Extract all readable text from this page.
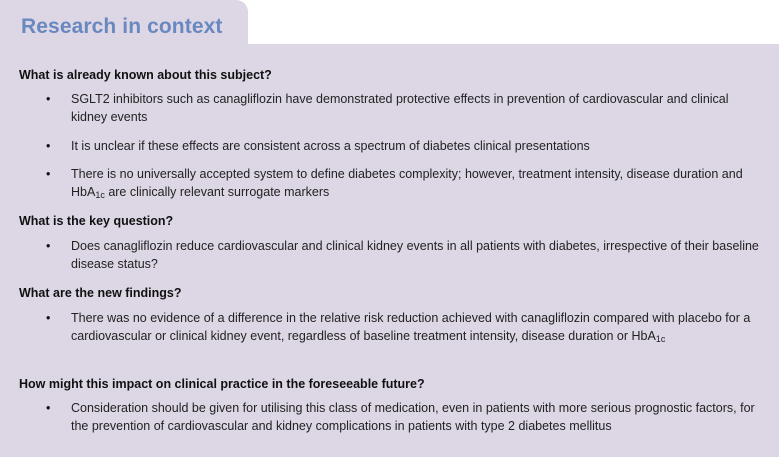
Research in context
What is already known about this subject?
• SGLT2 inhibitors such as canagliflozin have demonstrated protective effects in prevention of cardiovascular and clinical kidney events
• It is unclear if these effects are consistent across a spectrum of diabetes clinical presentations
• There is no universally accepted system to define diabetes complexity; however, treatment intensity, disease duration and HbA$_{1c}$ are clinically relevant surrogate markers
What is the key question?
• Does canagliflozin reduce cardiovascular and clinical kidney events in all patients with diabetes, irrespective of their baseline disease status?
What are the new findings?
• There was no evidence of a difference in the relative risk reduction achieved with canagliflozin compared with placebo for a cardiovascular or clinical kidney event, regardless of baseline treatment intensity, disease duration or HbA$_{1c}$
How might this impact on clinical practice in the foreseeable future?
• Consideration should be given for utilising this class of medication, even in patients with more serious prognostic factors, for the prevention of cardiovascular and kidney complications in patients with type 2 diabetes mellitus
